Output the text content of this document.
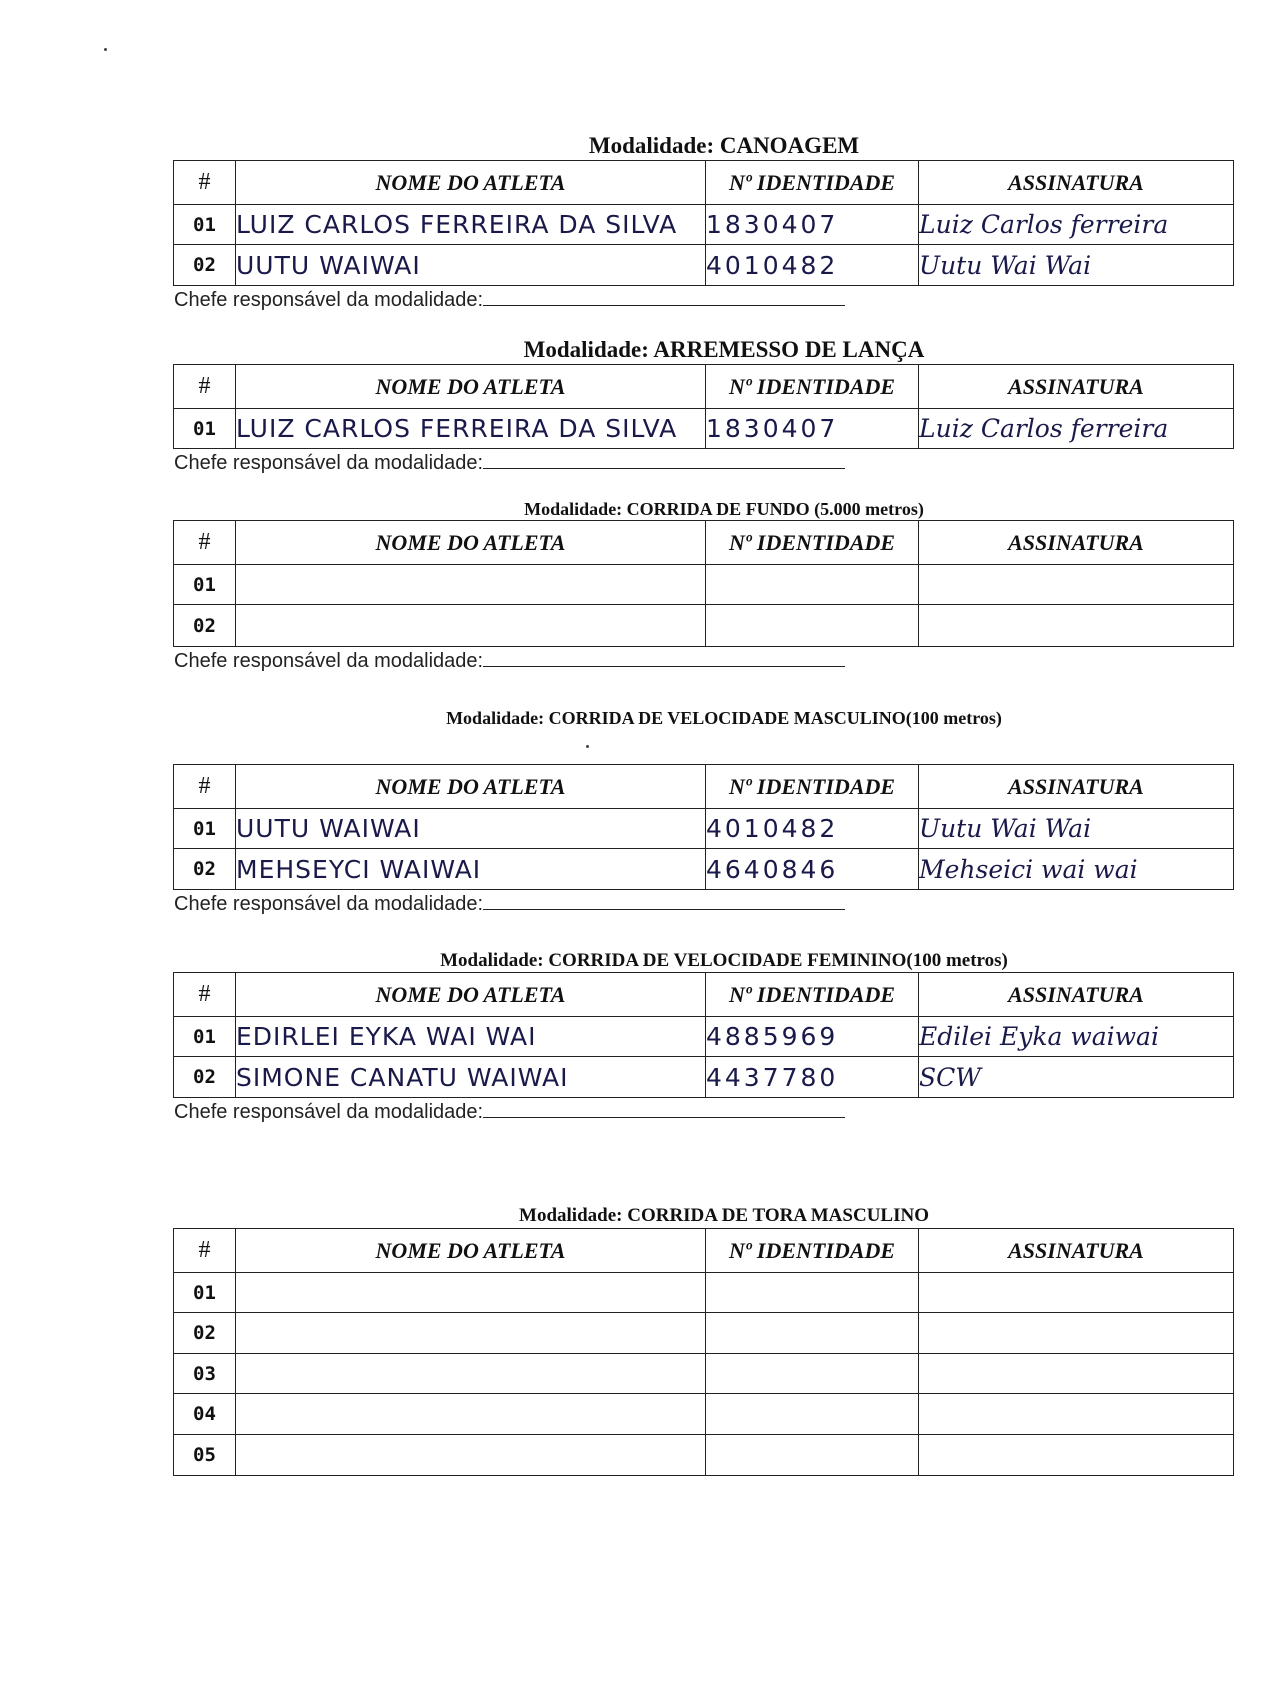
Modalidade: CANOAGEM
#	NOME DO ATLETA	Nº IDENTIDADE	ASSINATURA
01	LUIZ CARLOS FERREIRA DA SILVA	1830407	Luiz Carlos ferreira
02	UUTU WAIWAI	4010482	Uutu Wai Wai
Chefe responsável da modalidade:
Modalidade: ARREMESSO DE LANÇA
#	NOME DO ATLETA	Nº IDENTIDADE	ASSINATURA
01	LUIZ CARLOS FERREIRA DA SILVA	1830407	Luiz Carlos ferreira
Chefe responsável da modalidade:
Modalidade: CORRIDA DE FUNDO (5.000 metros)
#	NOME DO ATLETA	Nº IDENTIDADE	ASSINATURA
01			
02			
Chefe responsável da modalidade:
Modalidade: CORRIDA DE VELOCIDADE MASCULINO(100 metros)
#	NOME DO ATLETA	Nº IDENTIDADE	ASSINATURA
01	UUTU WAIWAI	4010482	Uutu Wai Wai
02	MEHSEYCI WAIWAI	4640846	Mehseici wai wai
Chefe responsável da modalidade:
Modalidade: CORRIDA DE VELOCIDADE FEMININO(100 metros)
#	NOME DO ATLETA	Nº IDENTIDADE	ASSINATURA
01	EDIRLEI EYKA WAI WAI	4885969	Edilei Eyka waiwai
02	SIMONE CANATU WAIWAI	4437780	SCW
Chefe responsável da modalidade:
Modalidade: CORRIDA DE TORA MASCULINO
#	NOME DO ATLETA	Nº IDENTIDADE	ASSINATURA
01			
02			
03			
04			
05			
